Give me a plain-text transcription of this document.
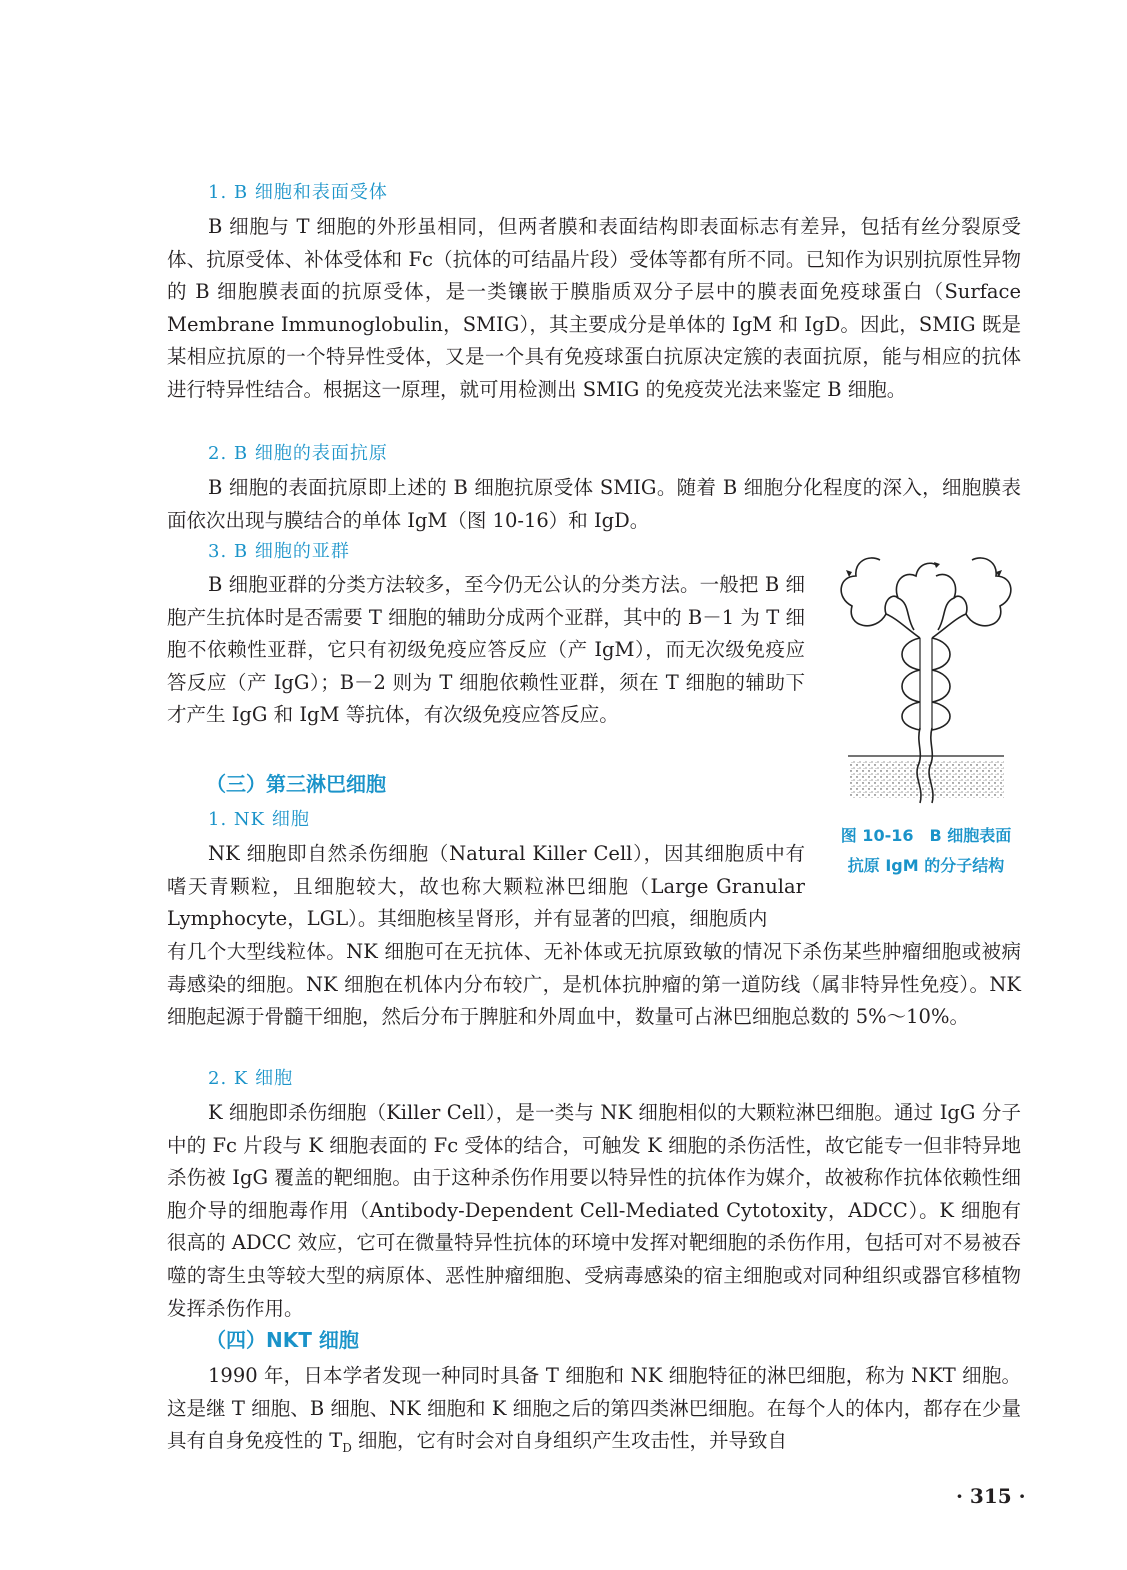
1. B 细胞和表面受体

B 细胞与 T 细胞的外形虽相同，但两者膜和表面结构即表面标志有差异，包括有丝分裂原受体、抗原受体、补体受体和 Fc（抗体的可结晶片段）受体等都有所不同。已知作为识别抗原性异物的 B 细胞膜表面的抗原受体，是一类镶嵌于膜脂质双分子层中的膜表面免疫球蛋白（Surface Membrane Immunoglobulin，SMIG），其主要成分是单体的 IgM 和 IgD。因此，SMIG 既是某相应抗原的一个特异性受体，又是一个具有免疫球蛋白抗原决定簇的表面抗原，能与相应的抗体进行特异性结合。根据这一原理，就可用检测出 SMIG 的免疫荧光法来鉴定 B 细胞。

2. B 细胞的表面抗原

B 细胞的表面抗原即上述的 B 细胞抗原受体 SMIG。随着 B 细胞分化程度的深入，细胞膜表面依次出现与膜结合的单体 IgM（图 10-16）和 IgD。

3. B 细胞的亚群

B 细胞亚群的分类方法较多，至今仍无公认的分类方法。一般把 B 细胞产生抗体时是否需要 T 细胞的辅助分成两个亚群，其中的 B－1 为 T 细胞不依赖性亚群，它只有初级免疫应答反应（产 IgM），而无次级免疫应答反应（产 IgG）；B－2 则为 T 细胞依赖性亚群，须在 T 细胞的辅助下才产生 IgG 和 IgM 等抗体，有次级免疫应答反应。

（三）第三淋巴细胞
1. NK 细胞

NK 细胞即自然杀伤细胞（Natural Killer Cell），因其细胞质中有嗜天青颗粒，且细胞较大，故也称大颗粒淋巴细胞（Large Granular Lymphocyte，LGL）。其细胞核呈肾形，并有显著的凹痕，细胞质内

有几个大型线粒体。NK 细胞可在无抗体、无补体或无抗原致敏的情况下杀伤某些肿瘤细胞或被病毒感染的细胞。NK 细胞在机体内分布较广，是机体抗肿瘤的第一道防线（属非特异性免疫）。NK 细胞起源于骨髓干细胞，然后分布于脾脏和外周血中，数量可占淋巴细胞总数的 5%～10%。

2. K 细胞

K 细胞即杀伤细胞（Killer Cell），是一类与 NK 细胞相似的大颗粒淋巴细胞。通过 IgG 分子中的 Fc 片段与 K 细胞表面的 Fc 受体的结合，可触发 K 细胞的杀伤活性，故它能专一但非特异地杀伤被 IgG 覆盖的靶细胞。由于这种杀伤作用要以特异性的抗体作为媒介，故被称作抗体依赖性细胞介导的细胞毒作用（Antibody-Dependent Cell-Mediated Cytotoxity，ADCC）。K 细胞有很高的 ADCC 效应，它可在微量特异性抗体的环境中发挥对靶细胞的杀伤作用，包括可对不易被吞噬的寄生虫等较大型的病原体、恶性肿瘤细胞、受病毒感染的宿主细胞或对同种组织或器官移植物发挥杀伤作用。

（四）NKT 细胞

1990 年，日本学者发现一种同时具备 T 细胞和 NK 细胞特征的淋巴细胞，称为 NKT 细胞。这是继 T 细胞、B 细胞、NK 细胞和 K 细胞之后的第四类淋巴细胞。在每个人的体内，都存在少量具有自身免疫性的 $T_D$ 细胞，它有时会对自身组织产生攻击性，并导致自

图 10-16　B 细胞表面
抗原 IgM 的分子结构
· 315 ·
